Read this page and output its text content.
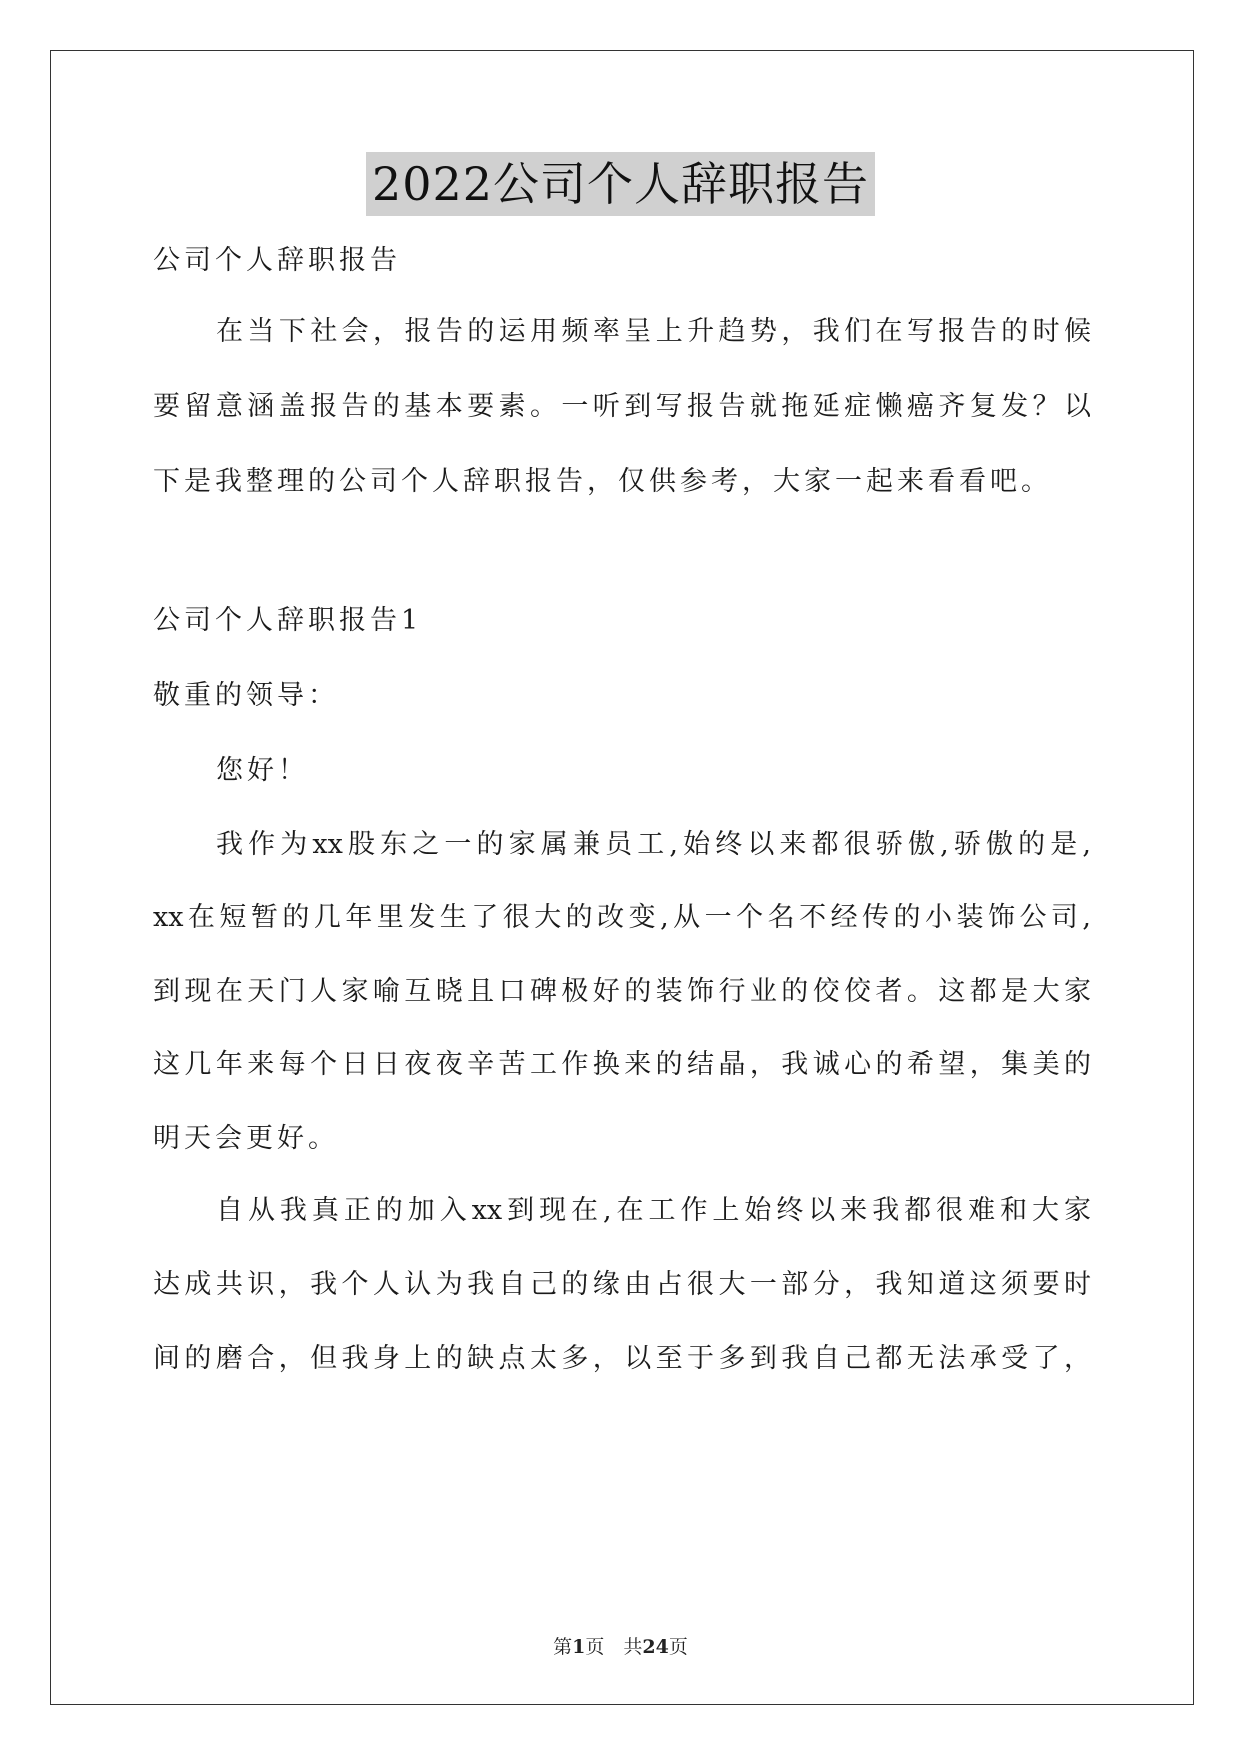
2022公司个人辞职报告
公司个人辞职报告
在当下社会，报告的运用频率呈上升趋势，我们在写报告的时候
要留意涵盖报告的基本要素。一听到写报告就拖延症懒癌齐复发？以
下是我整理的公司个人辞职报告，仅供参考，大家一起来看看吧。
公司个人辞职报告1
敬重的领导：
您好！
我作为xx股东之一的家属兼员工,始终以来都很骄傲,骄傲的是,
xx在短暂的几年里发生了很大的改变,从一个名不经传的小装饰公司,
到现在天门人家喻互晓且口碑极好的装饰行业的佼佼者。这都是大家
这几年来每个日日夜夜辛苦工作换来的结晶，我诚心的希望，集美的
明天会更好。
自从我真正的加入xx到现在,在工作上始终以来我都很难和大家
达成共识，我个人认为我自己的缘由占很大一部分，我知道这须要时
间的磨合，但我身上的缺点太多，以至于多到我自己都无法承受了，
第1页　共24页
